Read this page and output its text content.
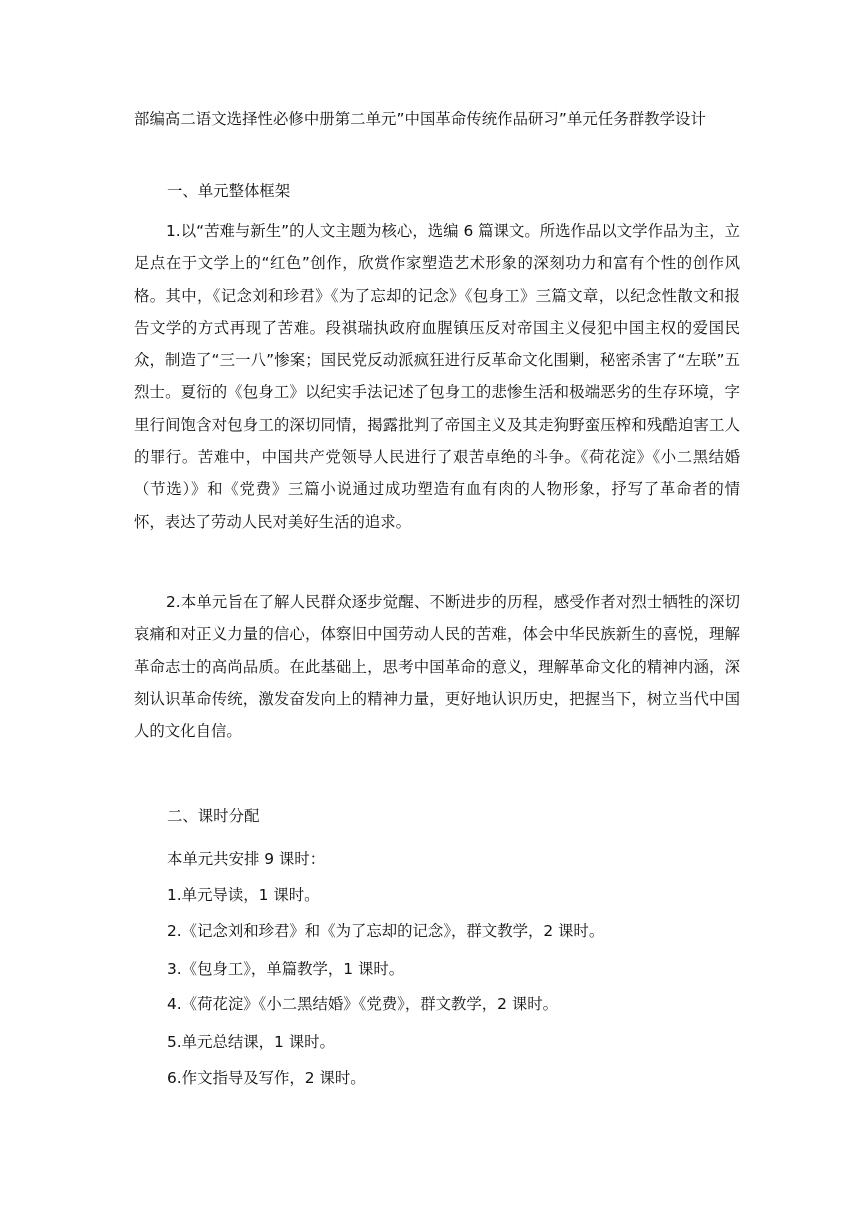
部编高二语文选择性必修中册第二单元”中国革命传统作品研习”单元任务群教学设计
一、单元整体框架

1.以“苦难与新生”的人文主题为核心，选编 6 篇课文。所选作品以文学作品为主，立足点在于文学上的“红色”创作，欣赏作家塑造艺术形象的深刻功力和富有个性的创作风格。其中，《记念刘和珍君》《为了忘却的记念》《包身工》三篇文章，以纪念性散文和报告文学的方式再现了苦难。段祺瑞执政府血腥镇压反对帝国主义侵犯中国主权的爱国民众，制造了“三一八”惨案；国民党反动派疯狂进行反革命文化围剿，秘密杀害了“左联”五烈士。夏衍的《包身工》以纪实手法记述了包身工的悲惨生活和极端恶劣的生存环境，字里行间饱含对包身工的深切同情，揭露批判了帝国主义及其走狗野蛮压榨和残酷迫害工人的罪行。苦难中，中国共产党领导人民进行了艰苦卓绝的斗争。《荷花淀》《小二黑结婚（节选）》和《党费》三篇小说通过成功塑造有血有肉的人物形象，抒写了革命者的情怀，表达了劳动人民对美好生活的追求。

2.本单元旨在了解人民群众逐步觉醒、不断进步的历程，感受作者对烈士牺牲的深切哀痛和对正义力量的信心，体察旧中国劳动人民的苦难，体会中华民族新生的喜悦，理解革命志士的高尚品质。在此基础上，思考中国革命的意义，理解革命文化的精神内涵，深刻认识革命传统，激发奋发向上的精神力量，更好地认识历史，把握当下，树立当代中国人的文化自信。

二、课时分配
本单元共安排 9 课时：
1.单元导读，1 课时。
2.《记念刘和珍君》和《为了忘却的记念》，群文教学，2 课时。
3.《包身工》，单篇教学，1 课时。
4.《荷花淀》《小二黑结婚》《党费》，群文教学，2 课时。
5.单元总结课，1 课时。
6.作文指导及写作，2 课时。
